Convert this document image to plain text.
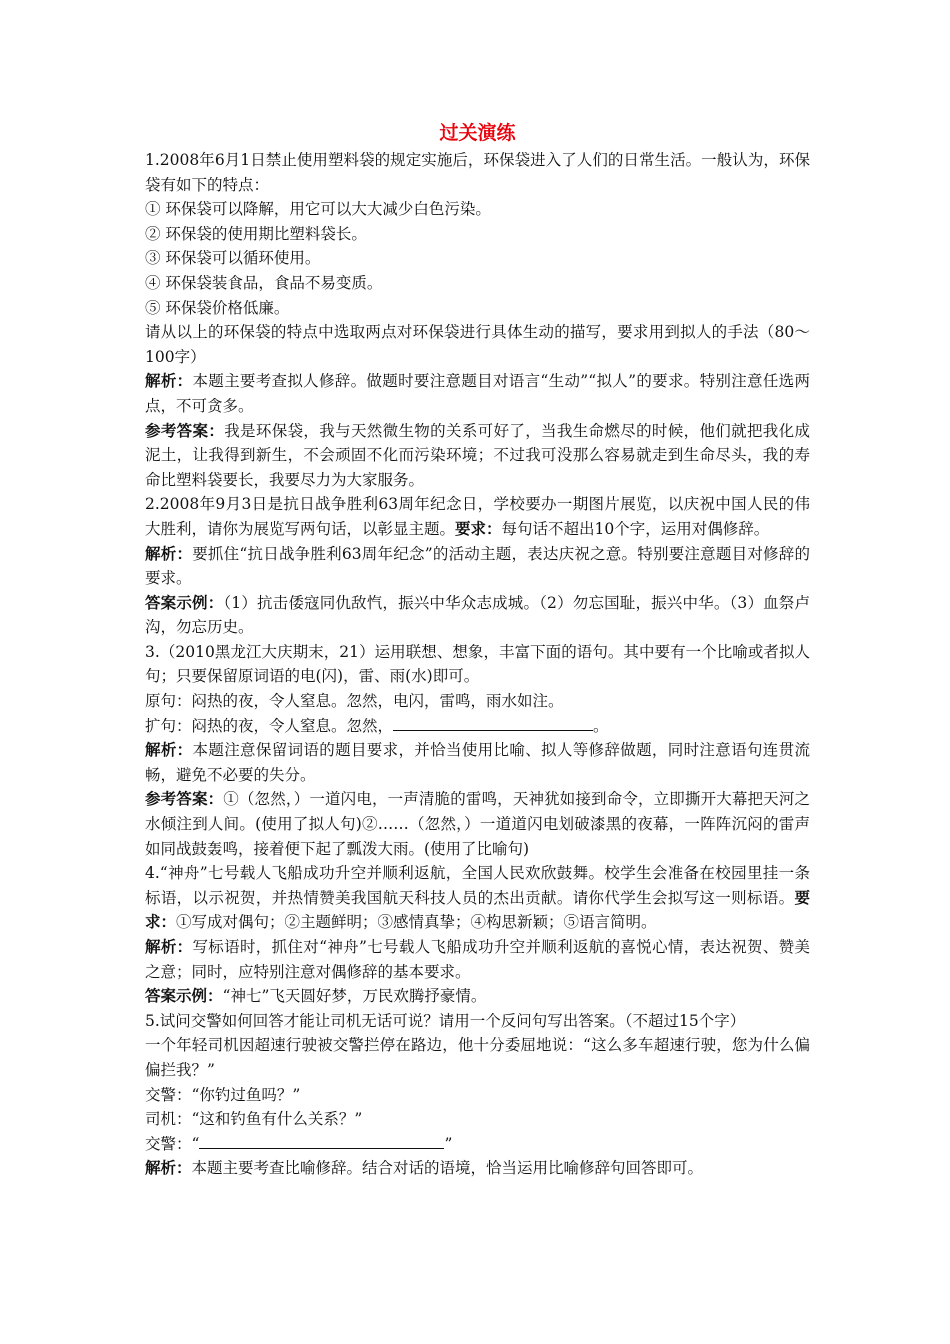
过关演练

1.2008年6月1日禁止使用塑料袋的规定实施后，环保袋进入了人们的日常生活。一般认为，环保袋有如下的特点：

① 环保袋可以降解，用它可以大大减少白色污染。

② 环保袋的使用期比塑料袋长。

③ 环保袋可以循环使用。

④ 环保袋装食品，食品不易变质。

⑤ 环保袋价格低廉。

请从以上的环保袋的特点中选取两点对环保袋进行具体生动的描写，要求用到拟人的手法（80～100字）

解析：本题主要考查拟人修辞。做题时要注意题目对语言“生动”“拟人”的要求。特别注意任选两点，不可贪多。

参考答案：我是环保袋，我与天然微生物的关系可好了，当我生命燃尽的时候，他们就把我化成泥土，让我得到新生，不会顽固不化而污染环境；不过我可没那么容易就走到生命尽头，我的寿命比塑料袋要长，我要尽力为大家服务。

2.2008年9月3日是抗日战争胜利63周年纪念日，学校要办一期图片展览，以庆祝中国人民的伟大胜利，请你为展览写两句话，以彰显主题。要求：每句话不超出10个字，运用对偶修辞。

解析：要抓住“抗日战争胜利63周年纪念”的活动主题，表达庆祝之意。特别要注意题目对修辞的要求。

答案示例：（1）抗击倭寇同仇敌忾，振兴中华众志成城。（2）勿忘国耻，振兴中华。（3）血祭卢沟，勿忘历史。

3.（2010黑龙江大庆期末，21）运用联想、想象，丰富下面的语句。其中要有一个比喻或者拟人句；只要保留原词语的电(闪)，雷、雨(水)即可。

原句：闷热的夜，令人窒息。忽然，电闪，雷鸣，雨水如注。

扩句：闷热的夜，令人窒息。忽然，	。

解析：本题注意保留词语的题目要求，并恰当使用比喻、拟人等修辞做题，同时注意语句连贯流畅，避免不必要的失分。

参考答案：①（忽然，）一道闪电，一声清脆的雷鸣，天神犹如接到命令，立即撕开大幕把天河之水倾注到人间。(使用了拟人句)②……（忽然，）一道道闪电划破漆黑的夜幕，一阵阵沉闷的雷声如同战鼓轰鸣，接着便下起了瓢泼大雨。(使用了比喻句)

4.“神舟”七号载人飞船成功升空并顺利返航，全国人民欢欣鼓舞。校学生会准备在校园里挂一条标语，以示祝贺，并热情赞美我国航天科技人员的杰出贡献。请你代学生会拟写这一则标语。要求：①写成对偶句；②主题鲜明；③感情真挚；④构思新颖；⑤语言简明。

解析：写标语时，抓住对“神舟”七号载人飞船成功升空并顺利返航的喜悦心情，表达祝贺、赞美之意；同时，应特别注意对偶修辞的基本要求。

答案示例：“神七”飞天圆好梦，万民欢腾抒豪情。

5.试问交警如何回答才能让司机无话可说？请用一个反问句写出答案。（不超过15个字）

一个年轻司机因超速行驶被交警拦停在路边，他十分委屈地说：“这么多车超速行驶，您为什么偏偏拦我？”

交警：“你钓过鱼吗？”

司机：“这和钓鱼有什么关系？”

交警：“	”

解析：本题主要考查比喻修辞。结合对话的语境，恰当运用比喻修辞句回答即可。
